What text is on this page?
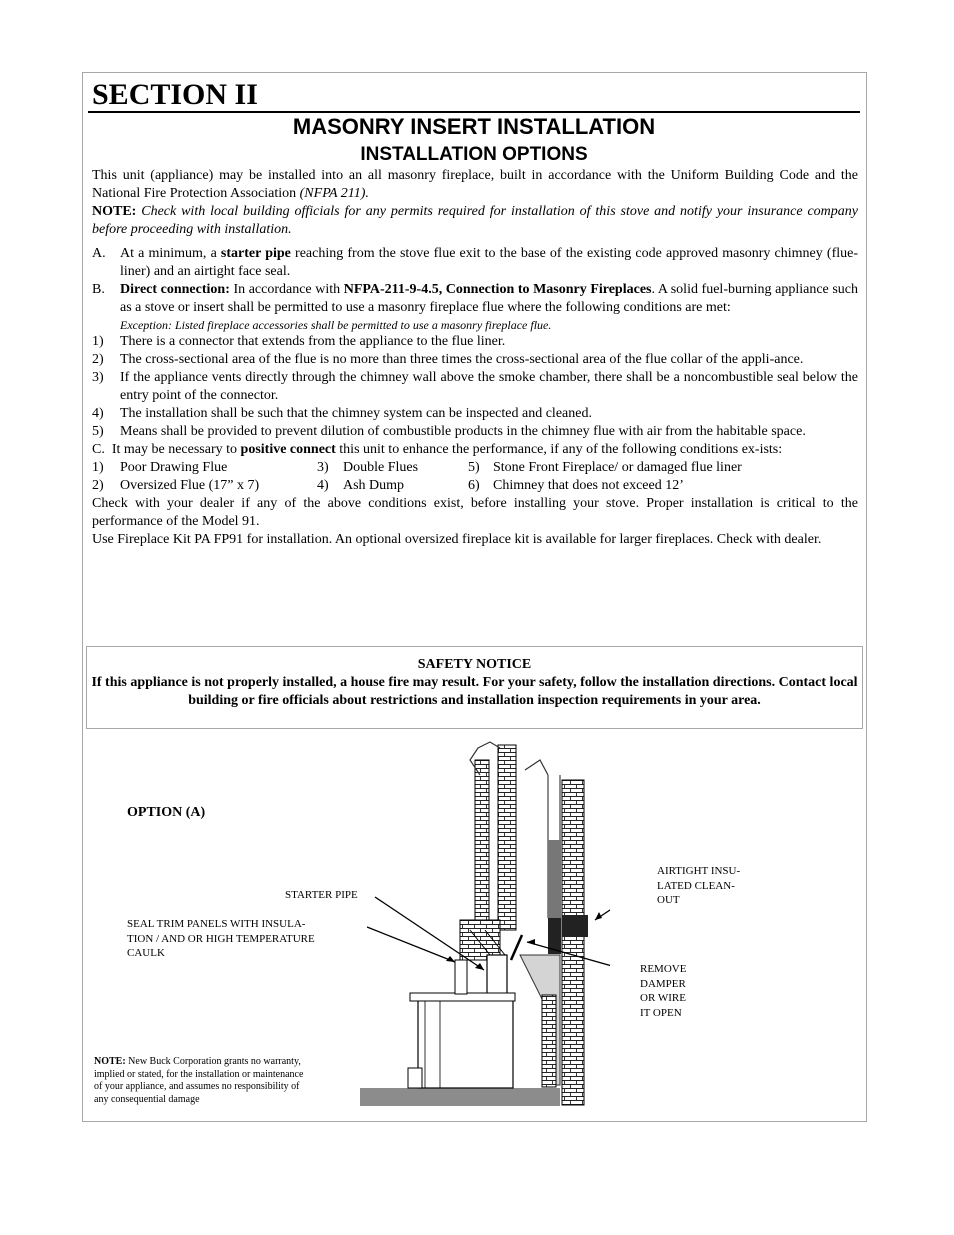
SECTION II
MASONRY INSERT INSTALLATION
INSTALLATION OPTIONS

This unit (appliance) may be installed into an all masonry fireplace, built in accordance with the Uniform Building Code and the National Fire Protection Association (NFPA 211).

NOTE: Check with local building officials for any permits required for installation of this stove and notify your insurance company before proceeding with installation.

A. At a minimum, a starter pipe reaching from the stove flue exit to the base of the existing code approved masonry chimney (flue-liner) and an airtight face seal.

B. Direct connection: In accordance with NFPA-211-9-4.5, Connection to Masonry Fireplaces. A solid fuel-burning appliance such as a stove or insert shall be permitted to use a masonry fireplace flue where the following conditions are met:

Exception: Listed fireplace accessories shall be permitted to use a masonry fireplace flue.

1) There is a connector that extends from the appliance to the flue liner.

2) The cross-sectional area of the flue is no more than three times the cross-sectional area of the flue collar of the appli-ance.

3) If the appliance vents directly through the chimney wall above the smoke chamber, there shall be a noncombustible seal below the entry point of the connector.

4) The installation shall be such that the chimney system can be inspected and cleaned.

5) Means shall be provided to prevent dilution of combustible products in the chimney flue with air from the habitable space.

C. It may be necessary to positive connect this unit to enhance the performance, if any of the following conditions ex-ists:

1) Poor Drawing Flue	3) Double Flues	5) Stone Front Fireplace/ or damaged flue liner
2) Oversized Flue (17” x 7)	4) Ash Dump	6) Chimney that does not exceed 12’

Check with your dealer if any of the above conditions exist, before installing your stove. Proper installation is critical to the performance of the Model 91.

Use Fireplace Kit PA FP91 for installation. An optional oversized fireplace kit is available for larger fireplaces. Check with dealer.

SAFETY NOTICE
If this appliance is not properly installed, a house fire may result. For your safety, follow the installation directions. Contact local building or fire officials about restrictions and installation inspection requirements in your area.
OPTION (A)
STARTER PIPE
SEAL TRIM PANELS WITH INSULA-
TION / AND OR HIGH TEMPERATURE
CAULK
AIRTIGHT INSU-
LATED CLEAN-
OUT
REMOVE
DAMPER
OR WIRE
IT OPEN
NOTE: New Buck Corporation grants no warranty, implied or stated, for the installation or maintenance of your appliance, and assumes no responsibility of any consequential damage
